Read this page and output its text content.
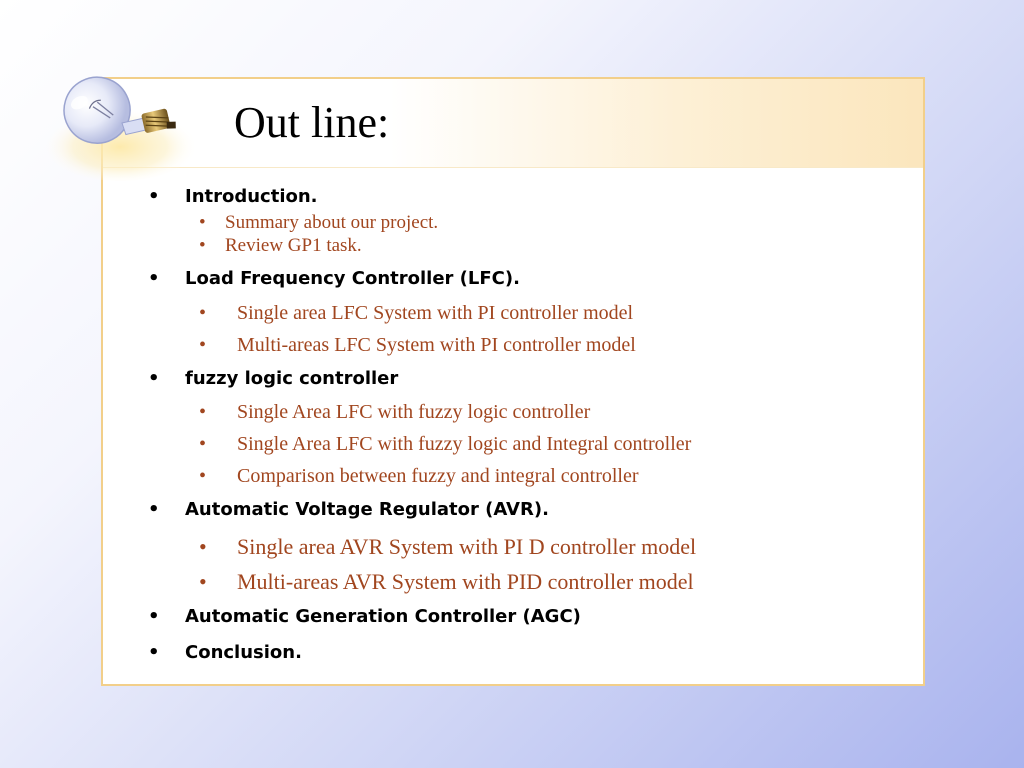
Out line:
• Introduction.
• Summary about our project.
• Review GP1 task.
• Load Frequency Controller (LFC).
• Single area LFC System with PI controller model
• Multi-areas LFC System with PI controller model
• fuzzy logic controller
• Single Area LFC with fuzzy logic controller
• Single Area LFC with fuzzy logic and Integral controller
• Comparison between fuzzy and integral controller
• Automatic Voltage Regulator (AVR).
• Single area AVR System with PI D controller model
• Multi-areas AVR System with PID controller model
• Automatic Generation Controller (AGC)
• Conclusion.
